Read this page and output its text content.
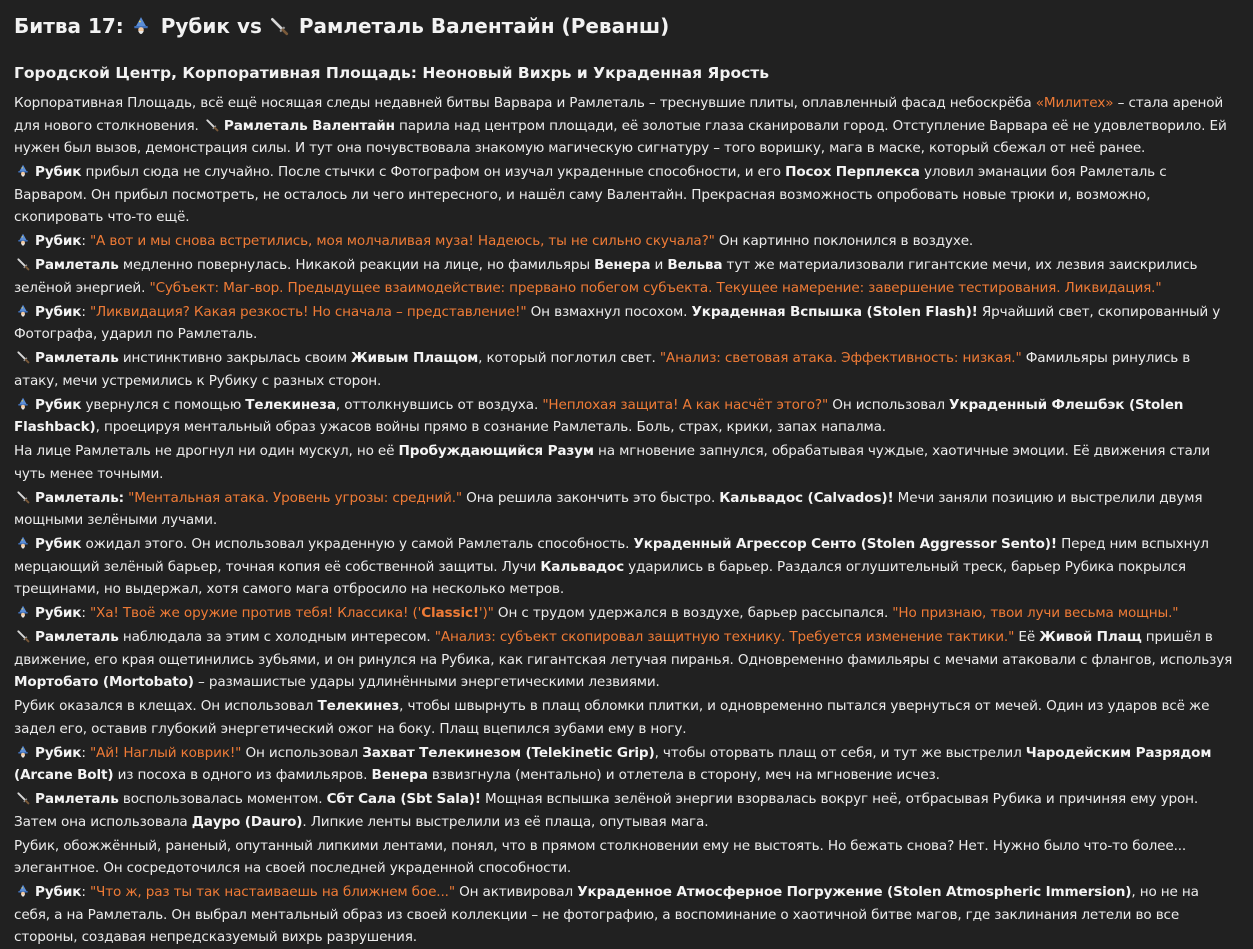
Битва 17: Рубик vs Рамлеталь Валентайн (Реванш)
Городской Центр, Корпоративная Площадь: Неоновый Вихрь и Украденная Ярость

Корпоративная Площадь, всё ещё носящая следы недавней битвы Варвара и Рамлеталь – треснувшие плиты, оплавленный фасад небоскрёба «Милитех» – стала ареной для нового столкновения. Рамлеталь Валентайн парила над центром площади, её золотые глаза сканировали город. Отступление Варвара её не удовлетворило. Ей нужен был вызов, демонстрация силы. И тут она почувствовала знакомую магическую сигнатуру – того воришку, мага в маске, который сбежал от неё ранее.

Рубик прибыл сюда не случайно. После стычки с Фотографом он изучал украденные способности, и его Посох Перплекса уловил эманации боя Рамлеталь с Варваром. Он прибыл посмотреть, не осталось ли чего интересного, и нашёл саму Валентайн. Прекрасная возможность опробовать новые трюки и, возможно, скопировать что-то ещё.

Рубик: "А вот и мы снова встретились, моя молчаливая муза! Надеюсь, ты не сильно скучала?" Он картинно поклонился в воздухе.

Рамлеталь медленно повернулась. Никакой реакции на лице, но фамильяры Венера и Вельва тут же материализовали гигантские мечи, их лезвия заискрились зелёной энергией. "Субъект: Маг-вор. Предыдущее взаимодействие: прервано побегом субъекта. Текущее намерение: завершение тестирования. Ликвидация."

Рубик: "Ликвидация? Какая резкость! Но сначала – представление!" Он взмахнул посохом. Украденная Вспышка (Stolen Flash)! Ярчайший свет, скопированный у Фотографа, ударил по Рамлеталь.

Рамлеталь инстинктивно закрылась своим Живым Плащом, который поглотил свет. "Анализ: световая атака. Эффективность: низкая." Фамильяры ринулись в атаку, мечи устремились к Рубику с разных сторон.

Рубик увернулся с помощью Телекинеза, оттолкнувшись от воздуха. "Неплохая защита! А как насчёт этого?" Он использовал Украденный Флешбэк (Stolen Flashback), проецируя ментальный образ ужасов войны прямо в сознание Рамлеталь. Боль, страх, крики, запах напалма.

На лице Рамлеталь не дрогнул ни один мускул, но её Пробуждающийся Разум на мгновение запнулся, обрабатывая чуждые, хаотичные эмоции. Её движения стали чуть менее точными.

Рамлеталь: "Ментальная атака. Уровень угрозы: средний." Она решила закончить это быстро. Кальвадос (Calvados)! Мечи заняли позицию и выстрелили двумя мощными зелёными лучами.

Рубик ожидал этого. Он использовал украденную у самой Рамлеталь способность. Украденный Агрессор Сенто (Stolen Aggressor Sento)! Перед ним вспыхнул мерцающий зелёный барьер, точная копия её собственной защиты. Лучи Кальвадос ударились в барьер. Раздался оглушительный треск, барьер Рубика покрылся трещинами, но выдержал, хотя самого мага отбросило на несколько метров.

Рубик: "Ха! Твоё же оружие против тебя! Классика! ('Classic!')" Он с трудом удержался в воздухе, барьер рассыпался. "Но признаю, твои лучи весьма мощны."

Рамлеталь наблюдала за этим с холодным интересом. "Анализ: субъект скопировал защитную технику. Требуется изменение тактики." Её Живой Плащ пришёл в движение, его края ощетинились зубьями, и он ринулся на Рубика, как гигантская летучая пиранья. Одновременно фамильяры с мечами атаковали с флангов, используя Мортобато (Mortobato) – размашистые удары удлинёнными энергетическими лезвиями.

Рубик оказался в клещах. Он использовал Телекинез, чтобы швырнуть в плащ обломки плитки, и одновременно пытался увернуться от мечей. Один из ударов всё же задел его, оставив глубокий энергетический ожог на боку. Плащ вцепился зубами ему в ногу.

Рубик: "Ай! Наглый коврик!" Он использовал Захват Телекинезом (Telekinetic Grip), чтобы оторвать плащ от себя, и тут же выстрелил Чародейским Разрядом (Arcane Bolt) из посоха в одного из фамильяров. Венера взвизгнула (ментально) и отлетела в сторону, меч на мгновение исчез.

Рамлеталь воспользовалась моментом. Сбт Сала (Sbt Sala)! Мощная вспышка зелёной энергии взорвалась вокруг неё, отбрасывая Рубика и причиняя ему урон. Затем она использовала Дауро (Dauro). Липкие ленты выстрелили из её плаща, опутывая мага.

Рубик, обожжённый, раненый, опутанный липкими лентами, понял, что в прямом столкновении ему не выстоять. Но бежать снова? Нет. Нужно было что-то более... элегантное. Он сосредоточился на своей последней украденной способности.

Рубик: "Что ж, раз ты так настаиваешь на ближнем бое..." Он активировал Украденное Атмосферное Погружение (Stolen Atmospheric Immersion), но не на себя, а на Рамлеталь. Он выбрал ментальный образ из своей коллекции – не фотографию, а воспоминание о хаотичной битве магов, где заклинания летели во все стороны, создавая непредсказуемый вихрь разрушения.
